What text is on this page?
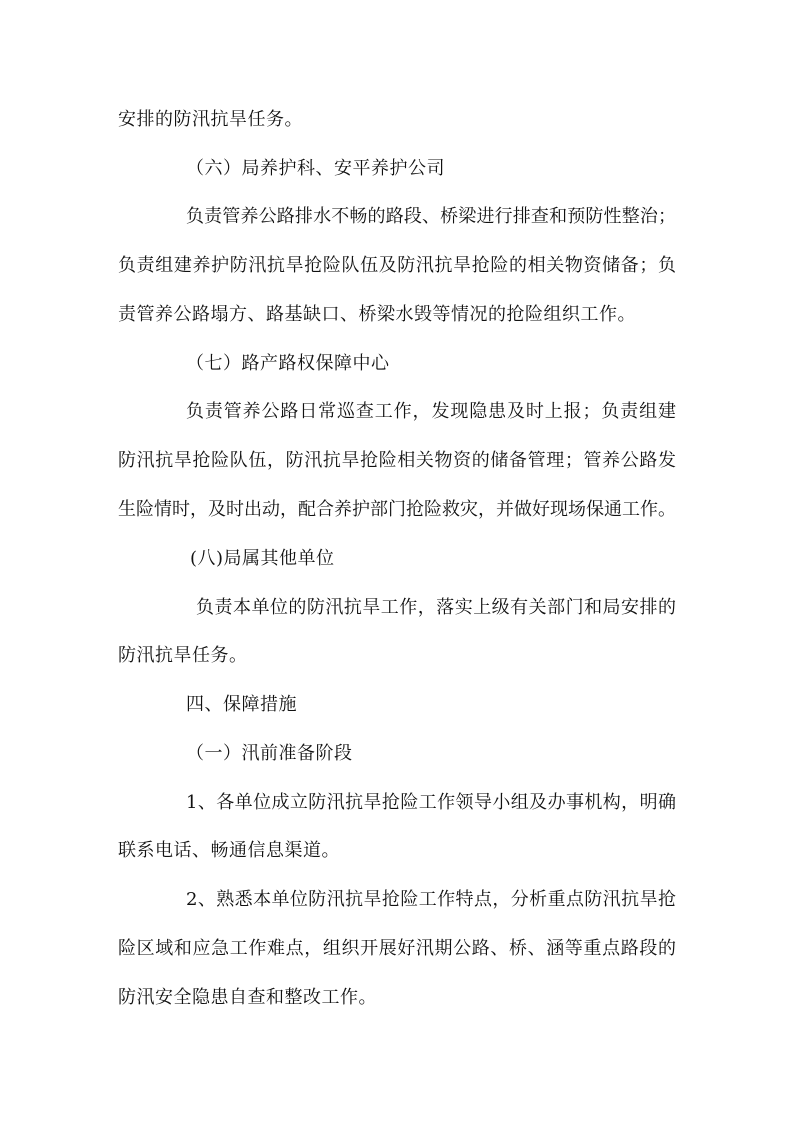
安排的防汛抗旱任务。
（六）局养护科、安平养护公司
负责管养公路排水不畅的路段、桥梁进行排查和预防性整治；
负责组建养护防汛抗旱抢险队伍及防汛抗旱抢险的相关物资储备；负
责管养公路塌方、路基缺口、桥梁水毁等情况的抢险组织工作。
（七）路产路权保障中心
负责管养公路日常巡查工作，发现隐患及时上报；负责组建
防汛抗旱抢险队伍，防汛抗旱抢险相关物资的储备管理；管养公路发
生险情时，及时出动，配合养护部门抢险救灾，并做好现场保通工作。
(八)局属其他单位
负责本单位的防汛抗旱工作，落实上级有关部门和局安排的
防汛抗旱任务。
四、保障措施
（一）汛前准备阶段
1、各单位成立防汛抗旱抢险工作领导小组及办事机构，明确
联系电话、畅通信息渠道。
2、熟悉本单位防汛抗旱抢险工作特点，分析重点防汛抗旱抢
险区域和应急工作难点，组织开展好汛期公路、桥、涵等重点路段的
防汛安全隐患自查和整改工作。
